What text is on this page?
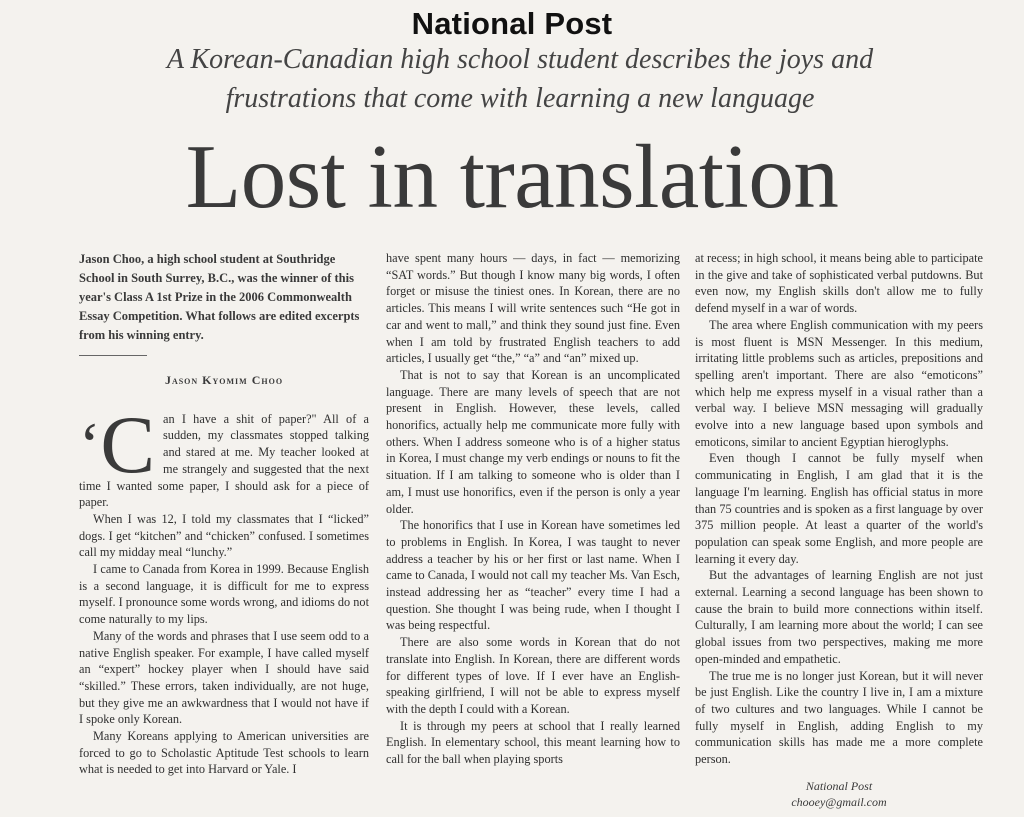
National Post
A Korean-Canadian high school student describes the joys and frustrations that come with learning a new language
Lost in translation
Jason Choo, a high school student at Southridge School in South Surrey, B.C., was the winner of this year's Class A 1st Prize in the 2006 Commonwealth Essay Competition. What follows are edited excerpts from his winning entry.
Jason Kyomim Choo

‘C an I have a shit of paper?" All of a sudden, my classmates stopped talking and stared at me. My teacher looked at me strangely and suggested that the next time I wanted some paper, I should ask for a piece of paper.

When I was 12, I told my classmates that I “licked” dogs. I get “kitchen” and “chicken” confused. I sometimes call my midday meal “lunchy.”

I came to Canada from Korea in 1999. Because English is a second language, it is difficult for me to express myself. I pronounce some words wrong, and idioms do not come naturally to my lips.

Many of the words and phrases that I use seem odd to a native English speaker. For example, I have called myself an “expert” hockey player when I should have said “skilled.” These errors, taken individually, are not huge, but they give me an awkwardness that I would not have if I spoke only Korean.

Many Koreans applying to American universities are forced to go to Scholastic Aptitude Test schools to learn what is needed to get into Harvard or Yale. I

have spent many hours — days, in fact — memorizing “SAT words.” But though I know many big words, I often forget or misuse the tiniest ones. In Korean, there are no articles. This means I will write sentences such “He got in car and went to mall,” and think they sound just fine. Even when I am told by frustrated English teachers to add articles, I usually get “the,” “a” and “an” mixed up.

That is not to say that Korean is an uncomplicated language. There are many levels of speech that are not present in English. However, these levels, called honorifics, actually help me communicate more fully with others. When I address someone who is of a higher status in Korea, I must change my verb endings or nouns to fit the situation. If I am talking to someone who is older than I am, I must use honorifics, even if the person is only a year older.

The honorifics that I use in Korean have sometimes led to problems in English. In Korea, I was taught to never address a teacher by his or her first or last name. When I came to Canada, I would not call my teacher Ms. Van Esch, instead addressing her as “teacher” every time I had a question. She thought I was being rude, when I thought I was being respectful.

There are also some words in Korean that do not translate into English. In Korean, there are different words for different types of love. If I ever have an English-speaking girlfriend, I will not be able to express myself with the depth I could with a Korean.

It is through my peers at school that I really learned English. In elementary school, this meant learning how to call for the ball when playing sports

at recess; in high school, it means being able to participate in the give and take of sophisticated verbal putdowns. But even now, my English skills don't allow me to fully defend myself in a war of words.

The area where English communication with my peers is most fluent is MSN Messenger. In this medium, irritating little problems such as articles, prepositions and spelling aren't important. There are also “emoticons” which help me express myself in a visual rather than a verbal way. I believe MSN messaging will gradually evolve into a new language based upon symbols and emoticons, similar to ancient Egyptian hieroglyphs.

Even though I cannot be fully myself when communicating in English, I am glad that it is the language I'm learning. English has official status in more than 75 countries and is spoken as a first language by over 375 million people. At least a quarter of the world's population can speak some English, and more people are learning it every day.

But the advantages of learning English are not just external. Learning a second language has been shown to cause the brain to build more connections within itself. Culturally, I am learning more about the world; I can see global issues from two perspectives, making me more open-minded and empathetic.

The true me is no longer just Korean, but it will never be just English. Like the country I live in, I am a mixture of two cultures and two languages. While I cannot be fully myself in English, adding English to my communication skills has made me a more complete person.

National Post
chooey@gmail.com
